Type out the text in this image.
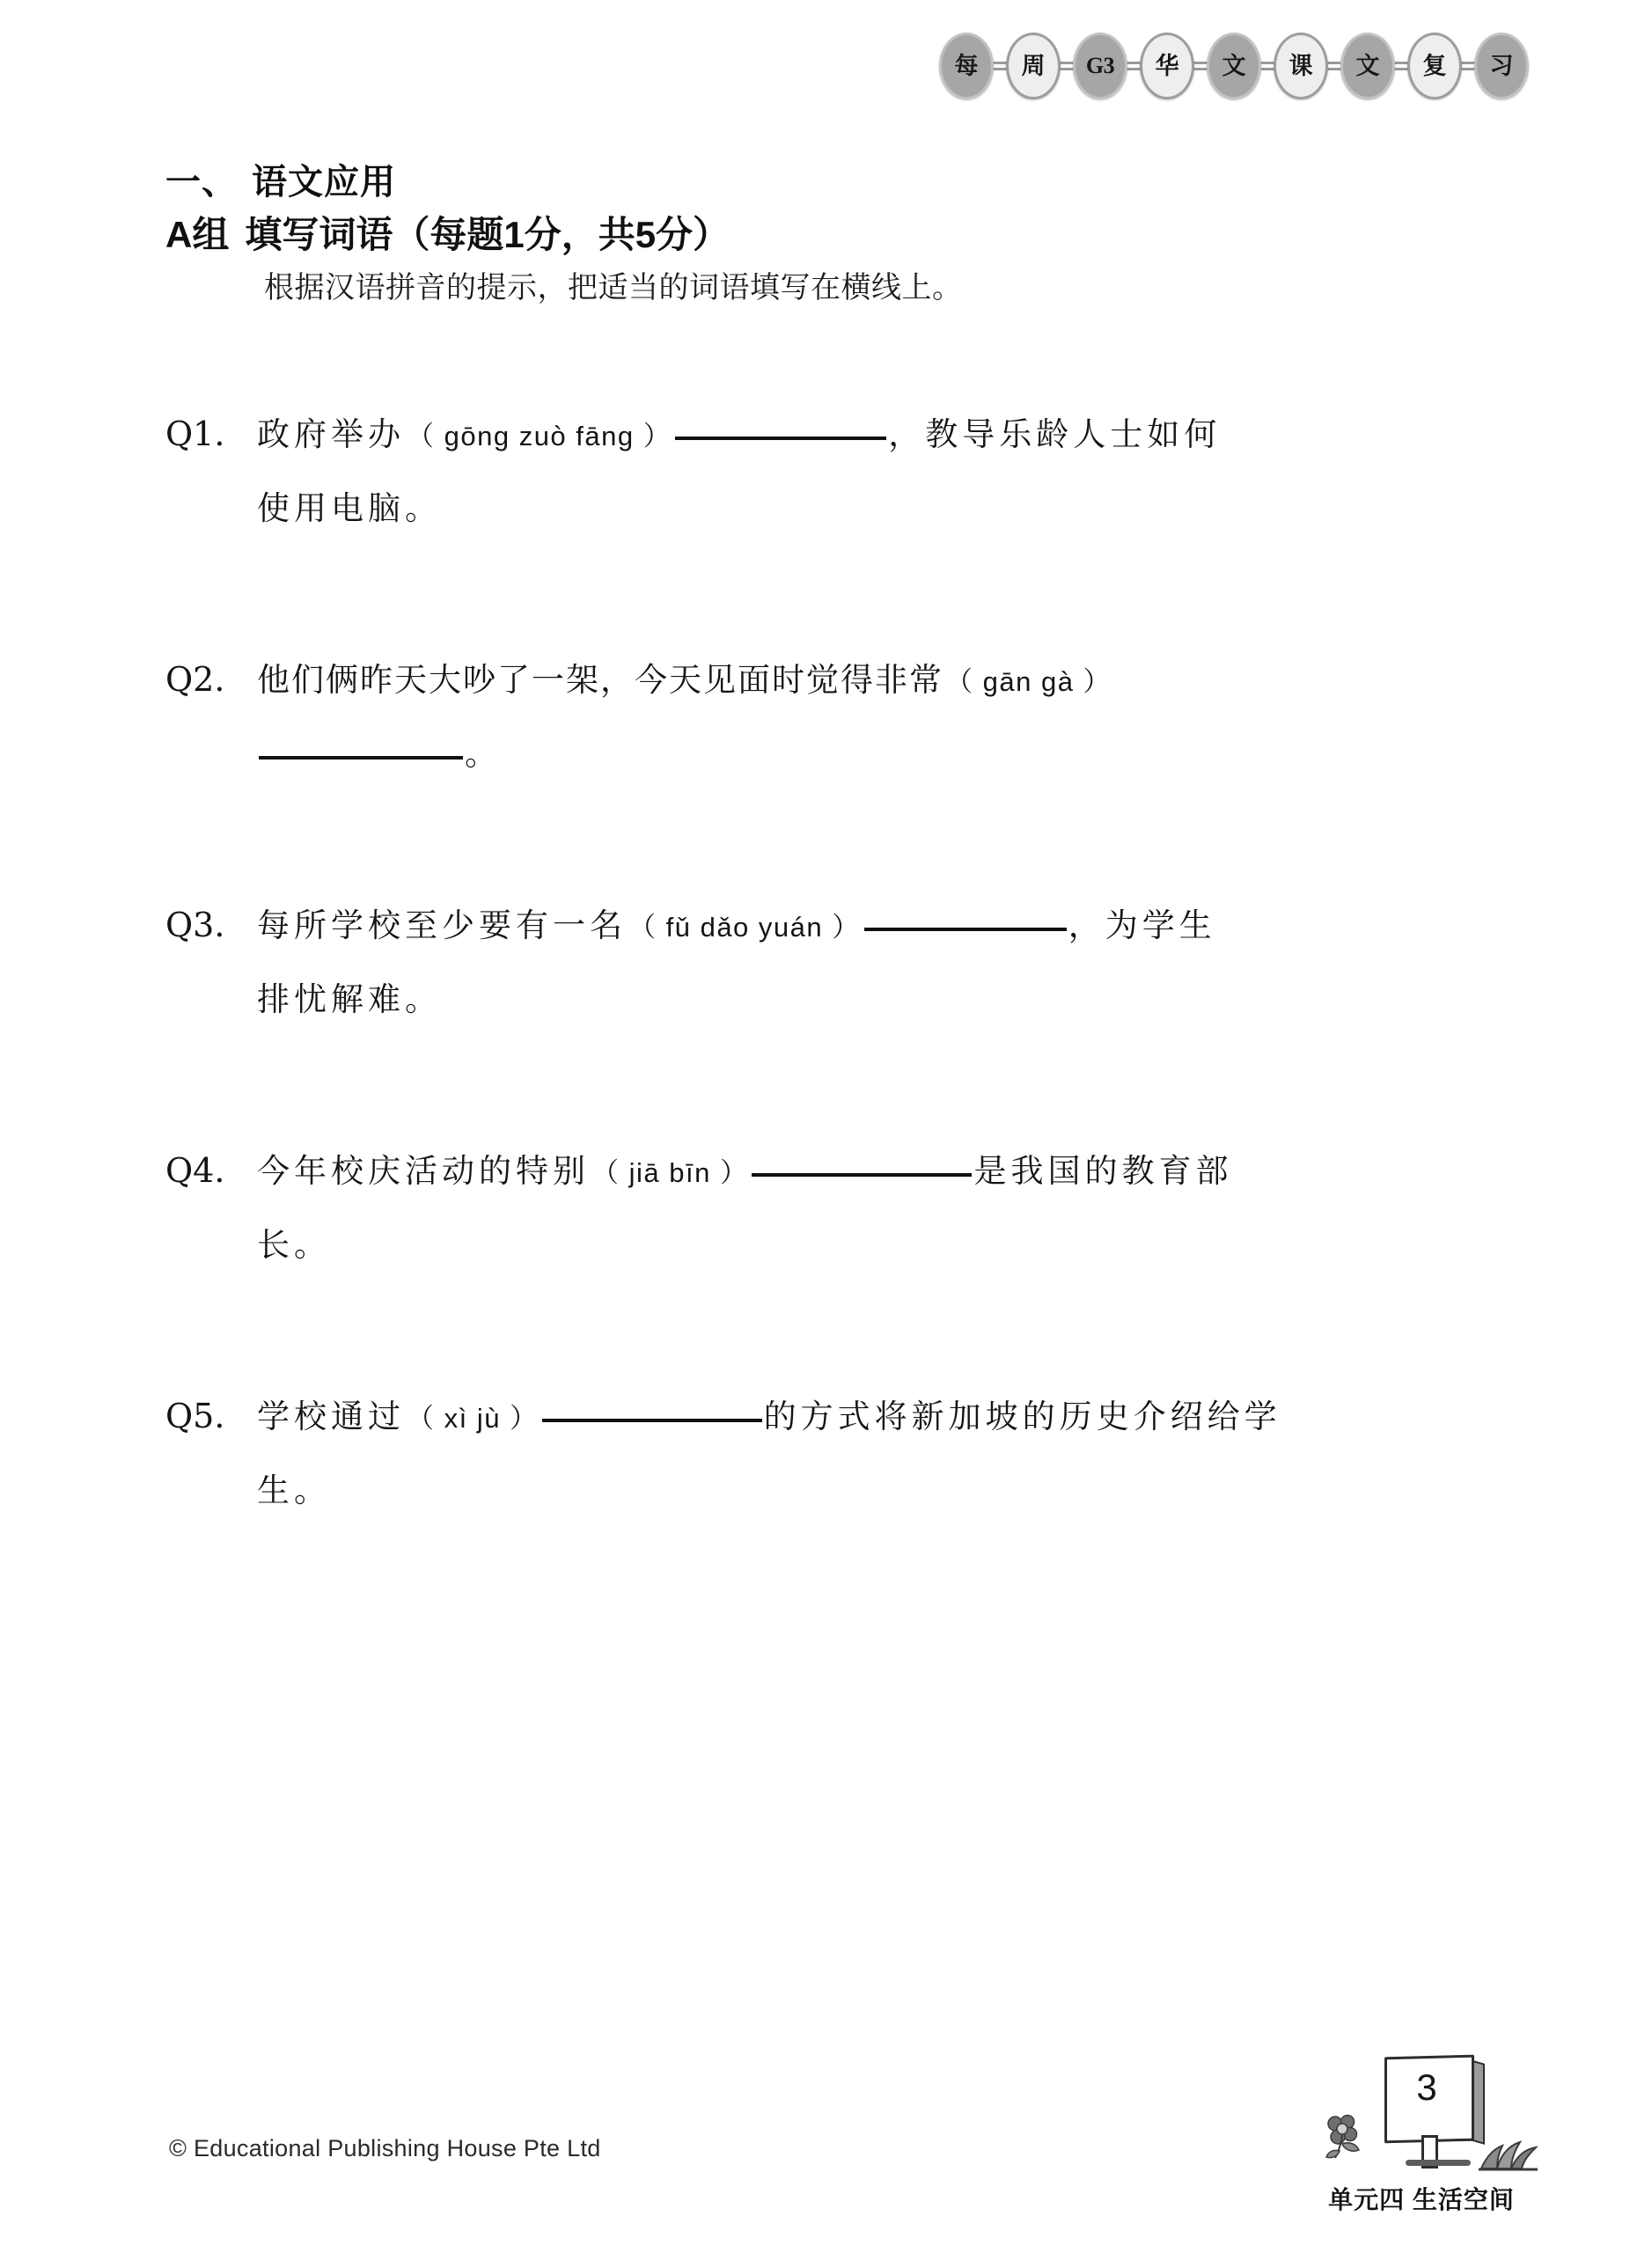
每 周 G3 华 文 课 文 复 习
一、 语文应用
A组 填写词语（每题1分，共5分）
根据汉语拼音的提示，把适当的词语填写在横线上。
Q1. 政府举办 （ gōng zuò fāng ）	，教导乐龄人士如何
使用电脑。
Q2. 他们俩昨天大吵了一架，今天见面时觉得非常 （ gān gà ）
。
Q3. 每所学校至少要有一名 （ fǔ dǎo yuán ）	，为学生
排忧解难。
Q4. 今年校庆活动的特别 （ jiā bīn ）	是我国的教育部
长。
Q5. 学校通过 （ xì jù ）	的方式将新加坡的历史介绍给学
生。
© Educational Publishing House Pte Ltd
3
单元四 生活空间
